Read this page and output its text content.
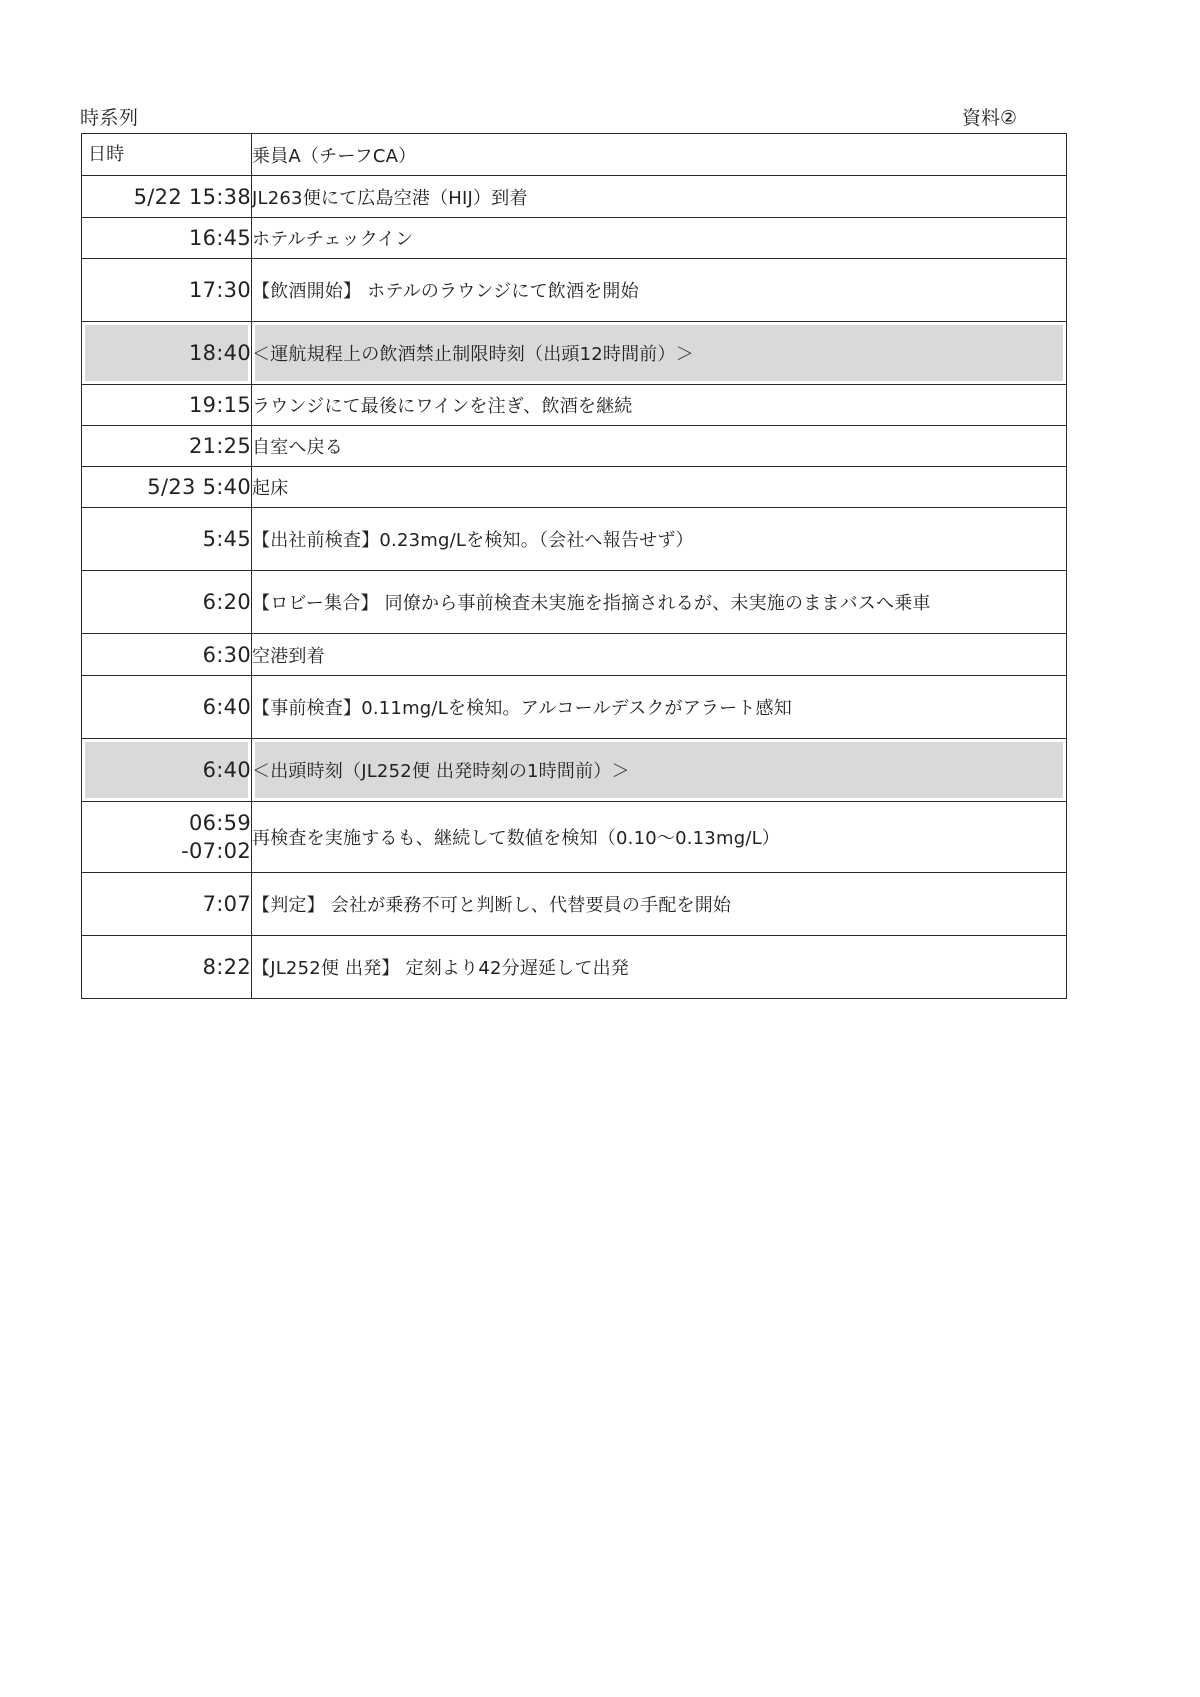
時系列	資料②
日時	乗員A（チーフCA）
5/22 15:38	JL263便にて広島空港（HIJ）到着
16:45	ホテルチェックイン
17:30	【飲酒開始】 ホテルのラウンジにて飲酒を開始
18:40	＜運航規程上の飲酒禁止制限時刻（出頭12時間前）＞
19:15	ラウンジにて最後にワインを注ぎ、飲酒を継続
21:25	自室へ戻る
5/23 5:40	起床
5:45	【出社前検査】0.23mg/Lを検知。（会社へ報告せず）
6:20	【ロビー集合】 同僚から事前検査未実施を指摘されるが、未実施のままバスへ乗車
6:30	空港到着
6:40	【事前検査】0.11mg/Lを検知。アルコールデスクがアラート感知
6:40	＜出頭時刻（JL252便 出発時刻の1時間前）＞

06:59
-07:02	再検査を実施するも、継続して数値を検知（0.10～0.13mg/L）
7:07	【判定】 会社が乗務不可と判断し、代替要員の手配を開始
8:22	【JL252便 出発】 定刻より42分遅延して出発
